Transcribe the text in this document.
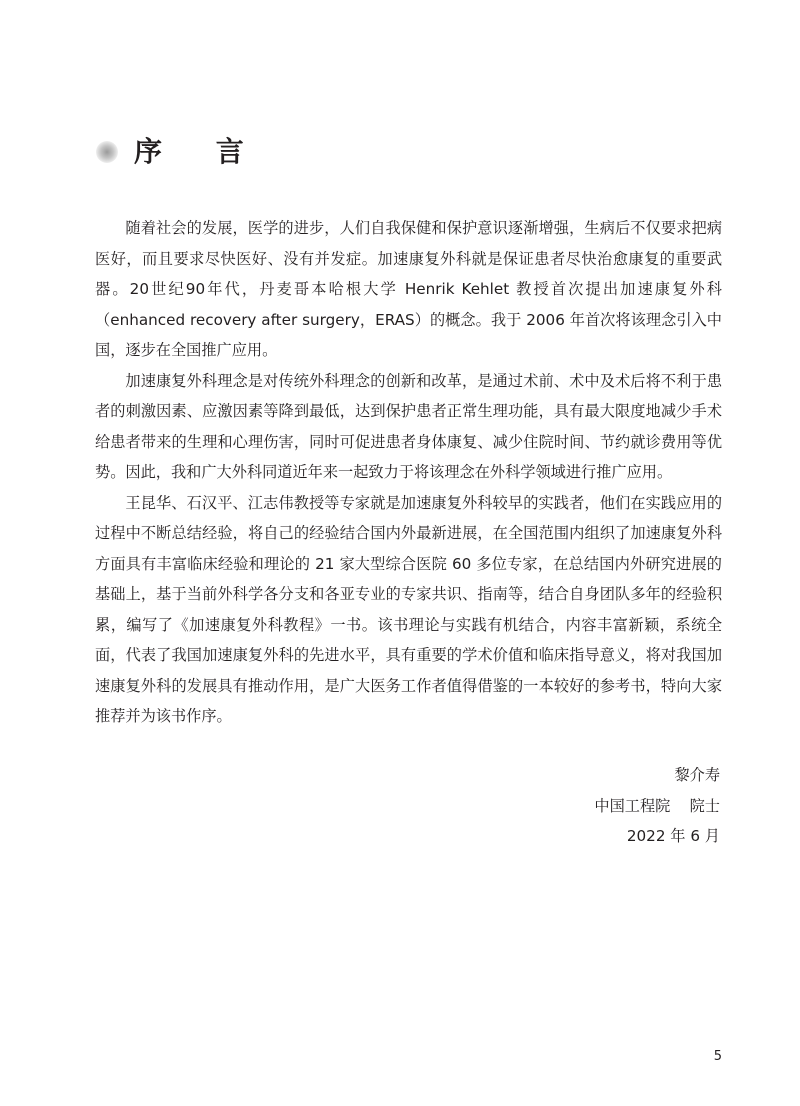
序 言

随着社会的发展，医学的进步，人们自我保健和保护意识逐渐增强，生病后不仅要求把病医好，而且要求尽快医好、没有并发症。加速康复外科就是保证患者尽快治愈康复的重要武器。20世纪90年代，丹麦哥本哈根大学 Henrik Kehlet 教授首次提出加速康复外科（enhanced recovery after surgery，ERAS）的概念。我于 2006 年首次将该理念引入中国，逐步在全国推广应用。

加速康复外科理念是对传统外科理念的创新和改革，是通过术前、术中及术后将不利于患者的刺激因素、应激因素等降到最低，达到保护患者正常生理功能，具有最大限度地减少手术给患者带来的生理和心理伤害，同时可促进患者身体康复、减少住院时间、节约就诊费用等优势。因此，我和广大外科同道近年来一起致力于将该理念在外科学领域进行推广应用。

王昆华、石汉平、江志伟教授等专家就是加速康复外科较早的实践者，他们在实践应用的过程中不断总结经验，将自己的经验结合国内外最新进展，在全国范围内组织了加速康复外科方面具有丰富临床经验和理论的 21 家大型综合医院 60 多位专家，在总结国内外研究进展的基础上，基于当前外科学各分支和各亚专业的专家共识、指南等，结合自身团队多年的经验积累，编写了《加速康复外科教程》一书。该书理论与实践有机结合，内容丰富新颖，系统全面，代表了我国加速康复外科的先进水平，具有重要的学术价值和临床指导意义，将对我国加速康复外科的发展具有推动作用，是广大医务工作者值得借鉴的一本较好的参考书，特向大家推荐并为该书作序。

黎介寿
中国工程院    院士
2022 年 6 月
5
